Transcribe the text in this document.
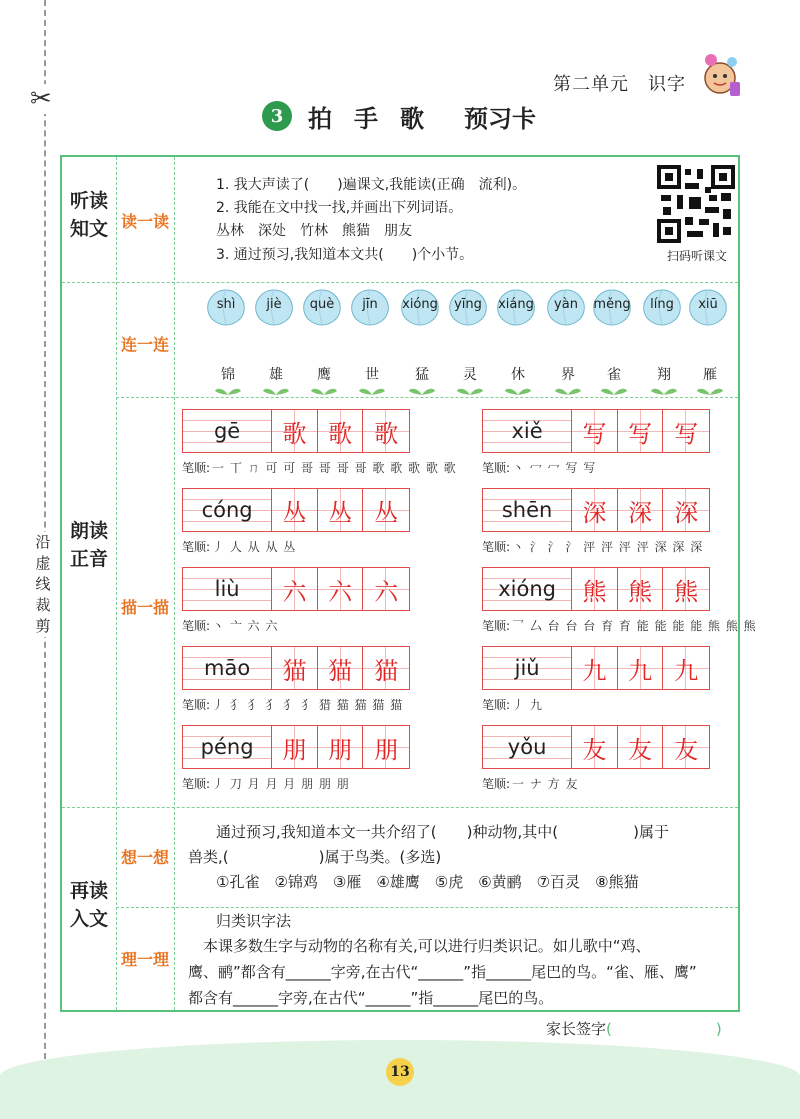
✂
沿虚线裁剪
第二单元　识字
3	拍手歌 预习卡
听读知文 读一读
1. 我大声读了(　　)遍课文,我能读(正确　流利)。
2. 我能在文中找一找,并画出下列词语。
丛林　深处　竹林　熊猫　朋友
3. 通过预习,我知道本文共(　　)个小节。	扫码听课文
朗读正音
连一连
描一描
shì	jiè	què	jīn	xióng	yīng	xiáng	yàn	měng	líng	xiū
锦	雄	鹰	世	猛	灵	休	界	雀	翔	雁
gē	歌 歌 歌
笔顺: 一 丅 ㄇ 可 可 哥 哥 哥 哥 歌 歌 歌 歌 歌
xiě	写 写 写
笔顺: 丶 冖 冖 写 写
cóng	丛 丛 丛
笔顺: 丿 人 从 从 丛
shēn	深 深 深
笔顺: 丶 氵 氵 氵 泙 泙 泙 泙 深 深 深
liù	六 六 六
笔顺: 丶 亠 六 六
xióng	熊 熊 熊
笔顺: 乛 厶 台 台 台 育 育 能 能 能 能 熊 熊 熊
māo	猫 猫 猫
笔顺: 丿 犭 犭 犭 犭 犭 猎 猫 猫 猫 猫
jiǔ	九 九 九
笔顺: 丿 九
péng	朋 朋 朋
笔顺: 丿 刀 月 月 月 朋 朋 朋
yǒu	友 友 友
笔顺: 一 ナ 方 友
再读入文
想一想
理一理
通过预习,我知道本文一共介绍了(　　)种动物,其中(　　　　　)属于
兽类,(　　　　　　)属于鸟类。(多选)
①孔雀　②锦鸡　③雁　④雄鹰　⑤虎　⑥黄鹂　⑦百灵　⑧熊猫
归类识字法
　本课多数生字与动物的名称有关,可以进行归类识记。如儿歌中“鸡、
鹰、鹂”都含有______字旁,在古代“______”指______尾巴的鸟。“雀、雁、鹰”
都含有______字旁,在古代“______”指______尾巴的鸟。
家长签字(	)
13
